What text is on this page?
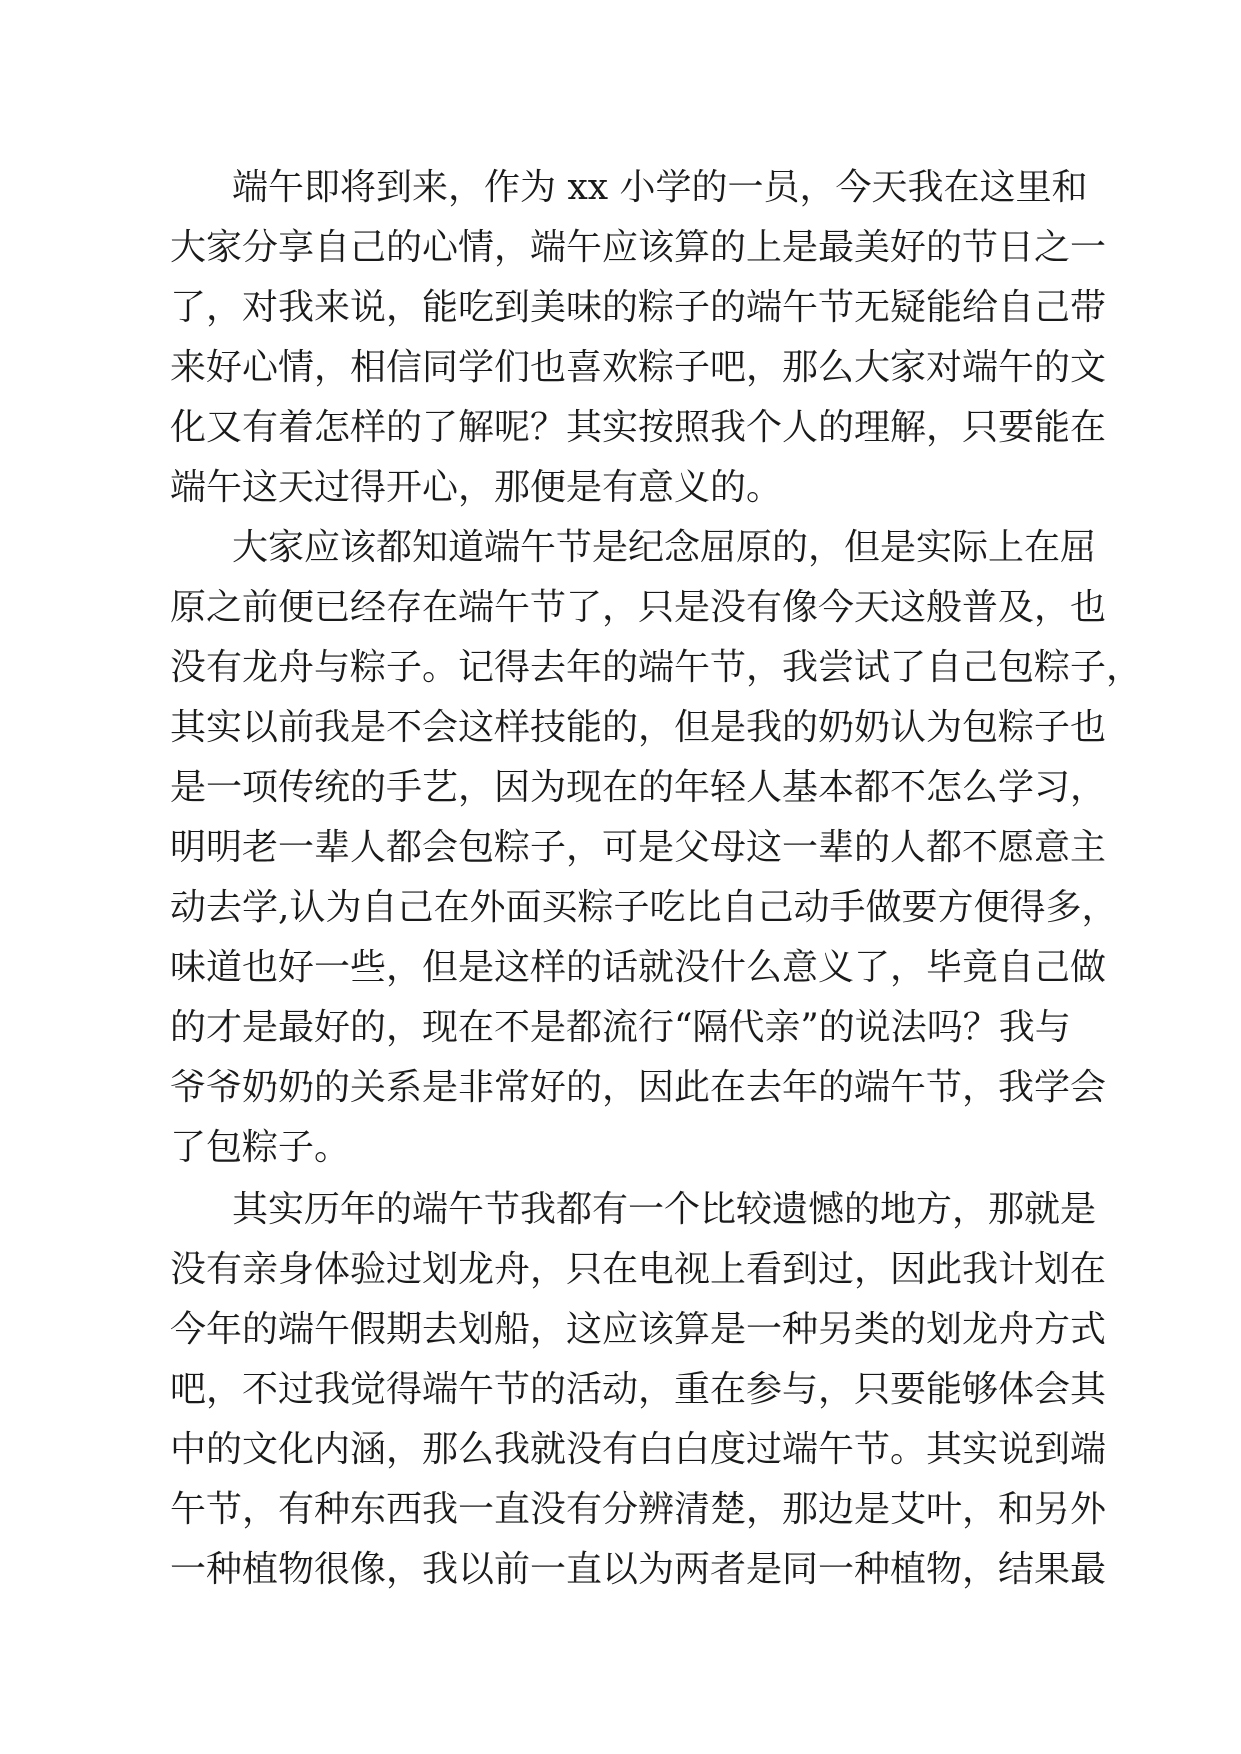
端午即将到来，作为 xx 小学的一员，今天我在这里和

大家分享自己的心情，端午应该算的上是最美好的节日之一

了，对我来说，能吃到美味的粽子的端午节无疑能给自己带

来好心情，相信同学们也喜欢粽子吧，那么大家对端午的文

化又有着怎样的了解呢？其实按照我个人的理解，只要能在

端午这天过得开心，那便是有意义的。

大家应该都知道端午节是纪念屈原的，但是实际上在屈

原之前便已经存在端午节了，只是没有像今天这般普及，也

没有龙舟与粽子。记得去年的端午节，我尝试了自己包粽子，

其实以前我是不会这样技能的，但是我的奶奶认为包粽子也

是一项传统的手艺，因为现在的年轻人基本都不怎么学习，

明明老一辈人都会包粽子，可是父母这一辈的人都不愿意主

动去学,认为自己在外面买粽子吃比自己动手做要方便得多，

味道也好一些，但是这样的话就没什么意义了，毕竟自己做

的才是最好的，现在不是都流行“隔代亲”的说法吗？我与

爷爷奶奶的关系是非常好的，因此在去年的端午节，我学会

了包粽子。

其实历年的端午节我都有一个比较遗憾的地方，那就是

没有亲身体验过划龙舟，只在电视上看到过，因此我计划在

今年的端午假期去划船，这应该算是一种另类的划龙舟方式

吧，不过我觉得端午节的活动，重在参与，只要能够体会其

中的文化内涵，那么我就没有白白度过端午节。其实说到端

午节，有种东西我一直没有分辨清楚，那边是艾叶，和另外

一种植物很像，我以前一直以为两者是同一种植物，结果最
